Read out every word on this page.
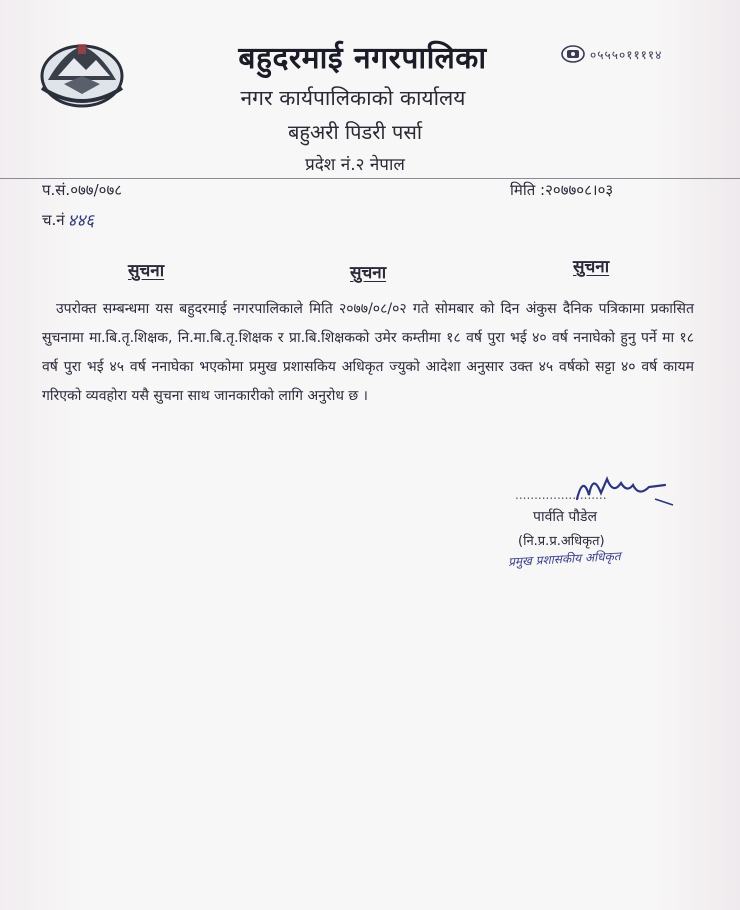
बहुदरमाई नगरपालिका
नगर कार्यपालिकाको कार्यालय
बहुअरी पिडरी पर्सा
प्रदेश नं.२ नेपाल
०५५५०११११४
प.सं.०७७/०७८	मिति :२०७७०८।०३
च.नं ४४६
सुचना	सुचना	सुचना
उपरोक्त सम्बन्धमा यस बहुदरमाई नगरपालिकाले मिति २०७७/०८/०२ गते सोमबार को दिन अंकुस दैनिक पत्रिकामा प्रकासित सुचनामा मा.बि.तृ.शिक्षक, नि.मा.बि.तृ.शिक्षक र प्रा.बि.शिक्षकको उमेर कम्तीमा १८ वर्ष पुरा भई ४० वर्ष ननाघेको हुनु पर्ने मा १८ वर्ष पुरा भई ४५ वर्ष ननाघेका भएकोमा प्रमुख प्रशासकिय अधिकृत ज्युको आदेशा अनुसार उक्त ४५ वर्षको सट्टा ४० वर्ष कायम गरिएको व्यवहोरा यसै सुचना साथ जानकारीको लागि अनुरोध छ ।
........................
पार्वति पौडेल
(नि.प्र.प्र.अधिकृत)
प्रमुख प्रशासकीय अधिकृत
